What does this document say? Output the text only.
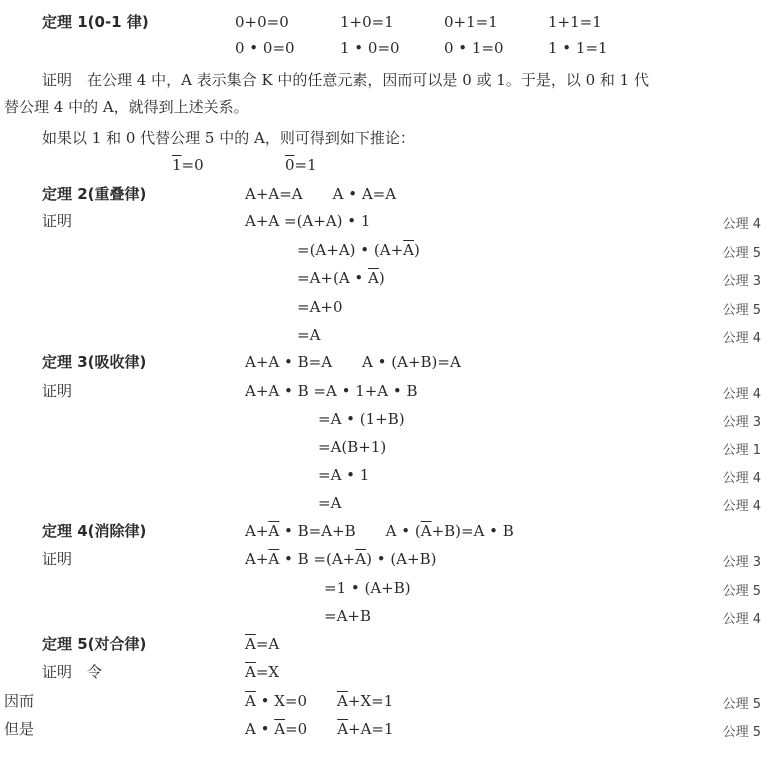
定理 1(0-1 律)	0+0=0	1+0=1	0+1=1	1+1=1
0 • 0=0	1 • 0=0	0 • 1=0	1 • 1=1
证明　在公理 4 中，A 表示集合 K 中的任意元素，因而可以是 0 或 1。于是，以 0 和 1 代
替公理 4 中的 A，就得到上述关系。
如果以 1 和 0 代替公理 5 中的 A，则可得到如下推论：
1=0	0=1
定理 2(重叠律)	A+A=A　　A • A=A
证明	A+A =(A+A) • 1	公理 4
=(A+A) • $(A+\overline{A})$	公理 5
=A+(A • $\overline{A}$)	公理 3
=A+0	公理 5
=A	公理 4
定理 3(吸收律)	A+A • B=A　　A • (A+B)=A
证明	A+A • B =A • 1+A • B	公理 4
=A • (1+B)	公理 3
=A(B+1)	公理 1
=A • 1	公理 4
=A	公理 4
定理 4(消除律)	$A+\overline{A}$ • B=A+B　　A • $(\overline{A}+B)=A$ • B
证明	$A+\overline{A}$ • $B =(A+\overline{A})$ • (A+B)	公理 3
=1 • (A+B)	公理 5
=A+B	公理 4
定理 5(对合律)	$\overline{A}=A$
证明　令	$\overline{A}=X$
因而	$\overline{A}$ • X=0　　$\overline{A}+X=1$	公理 5
但是	A • $\overline{A}=0$　　$\overline{A}+A=1$	公理 5
